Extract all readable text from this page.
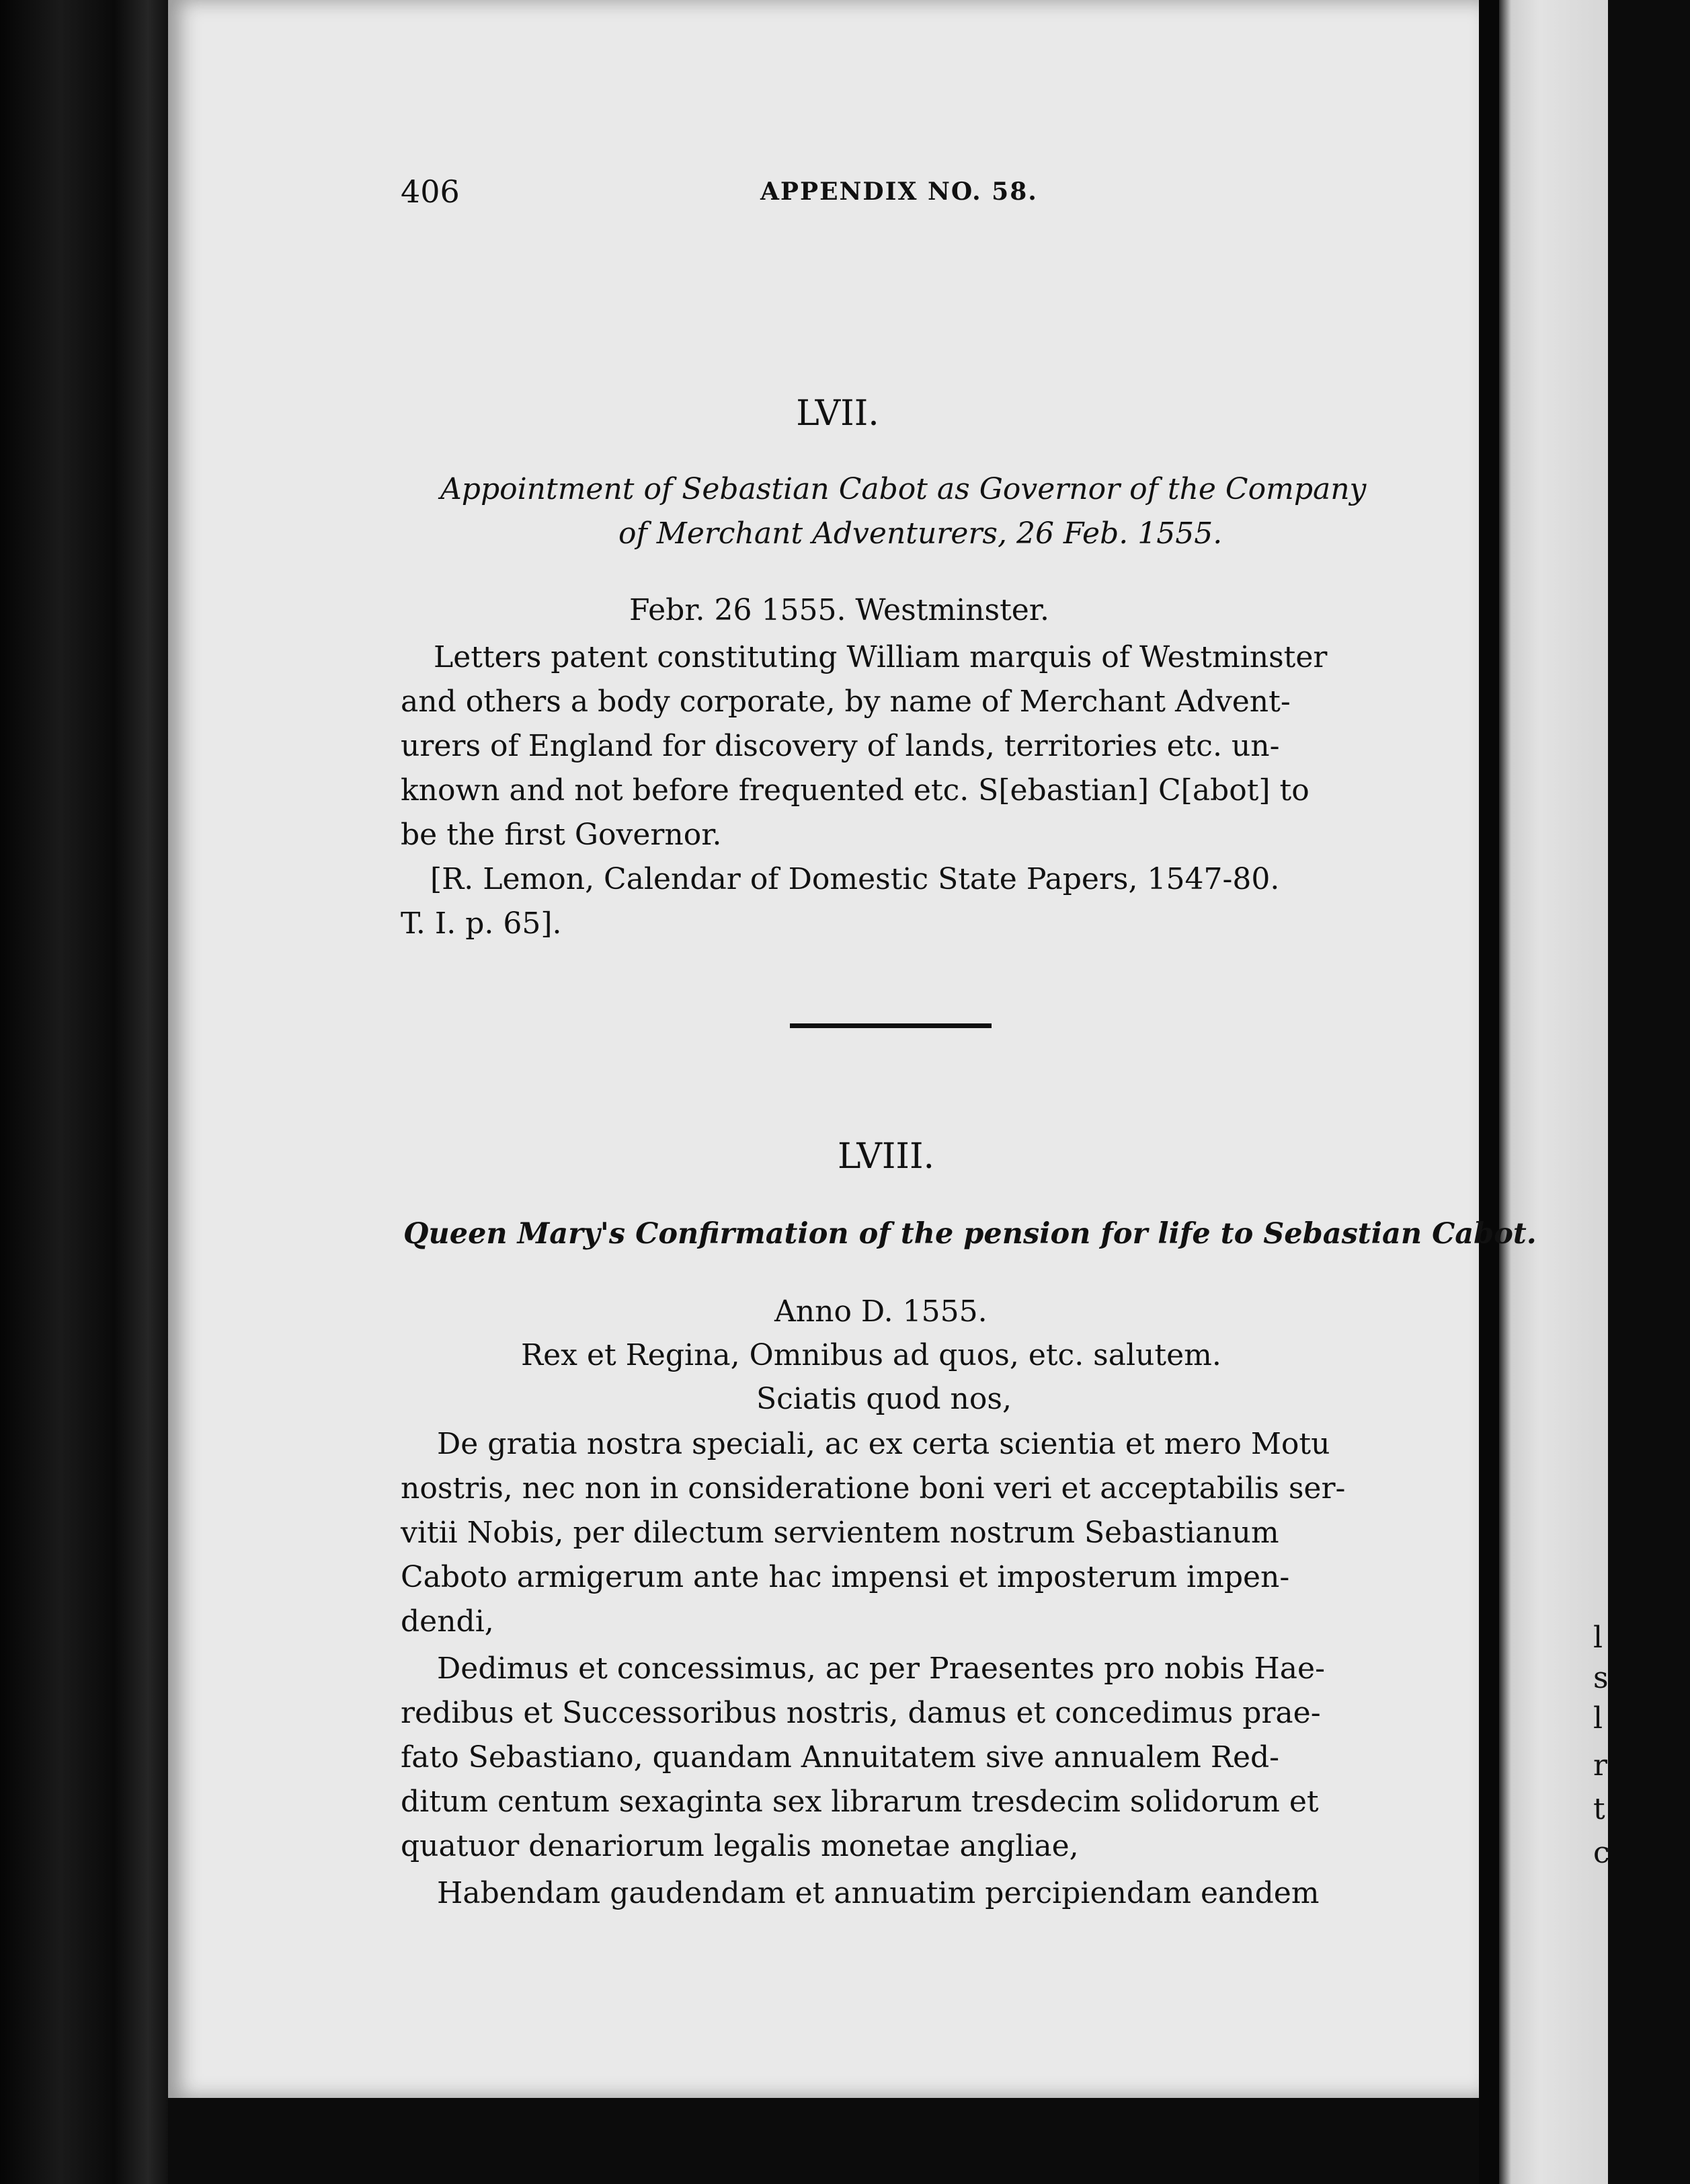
l
s
l
r
t
c
406	APPENDIX NO. 58.
LVII.
Appointment of Sebastian Cabot as Governor of the Company
of Merchant Adventurers, 26 Feb. 1555.
Febr. 26 1555. Westminster.
Letters patent constituting William marquis of Westminster
and others a body corporate, by name of Merchant Advent-
urers of England for discovery of lands, territories etc. un-
known and not before frequented etc. S[ebastian] C[abot] to
be the first Governor.
[R. Lemon, Calendar of Domestic State Papers, 1547-80.
T. I. p. 65].
LVIII.
Queen Mary's Confirmation of the pension for life to Sebastian Cabot.
Anno D. 1555.
Rex et Regina, Omnibus ad quos, etc. salutem.
Sciatis quod nos,
De gratia nostra speciali, ac ex certa scientia et mero Motu
nostris, nec non in consideratione boni veri et acceptabilis ser-
vitii Nobis, per dilectum servientem nostrum Sebastianum
Caboto armigerum ante hac impensi et imposterum impen-
dendi,
Dedimus et concessimus, ac per Praesentes pro nobis Hae-
redibus et Successoribus nostris, damus et concedimus prae-
fato Sebastiano, quandam Annuitatem sive annualem Red-
ditum centum sexaginta sex librarum tresdecim solidorum et
quatuor denariorum legalis monetae angliae,
Habendam gaudendam et annuatim percipiendam eandem
